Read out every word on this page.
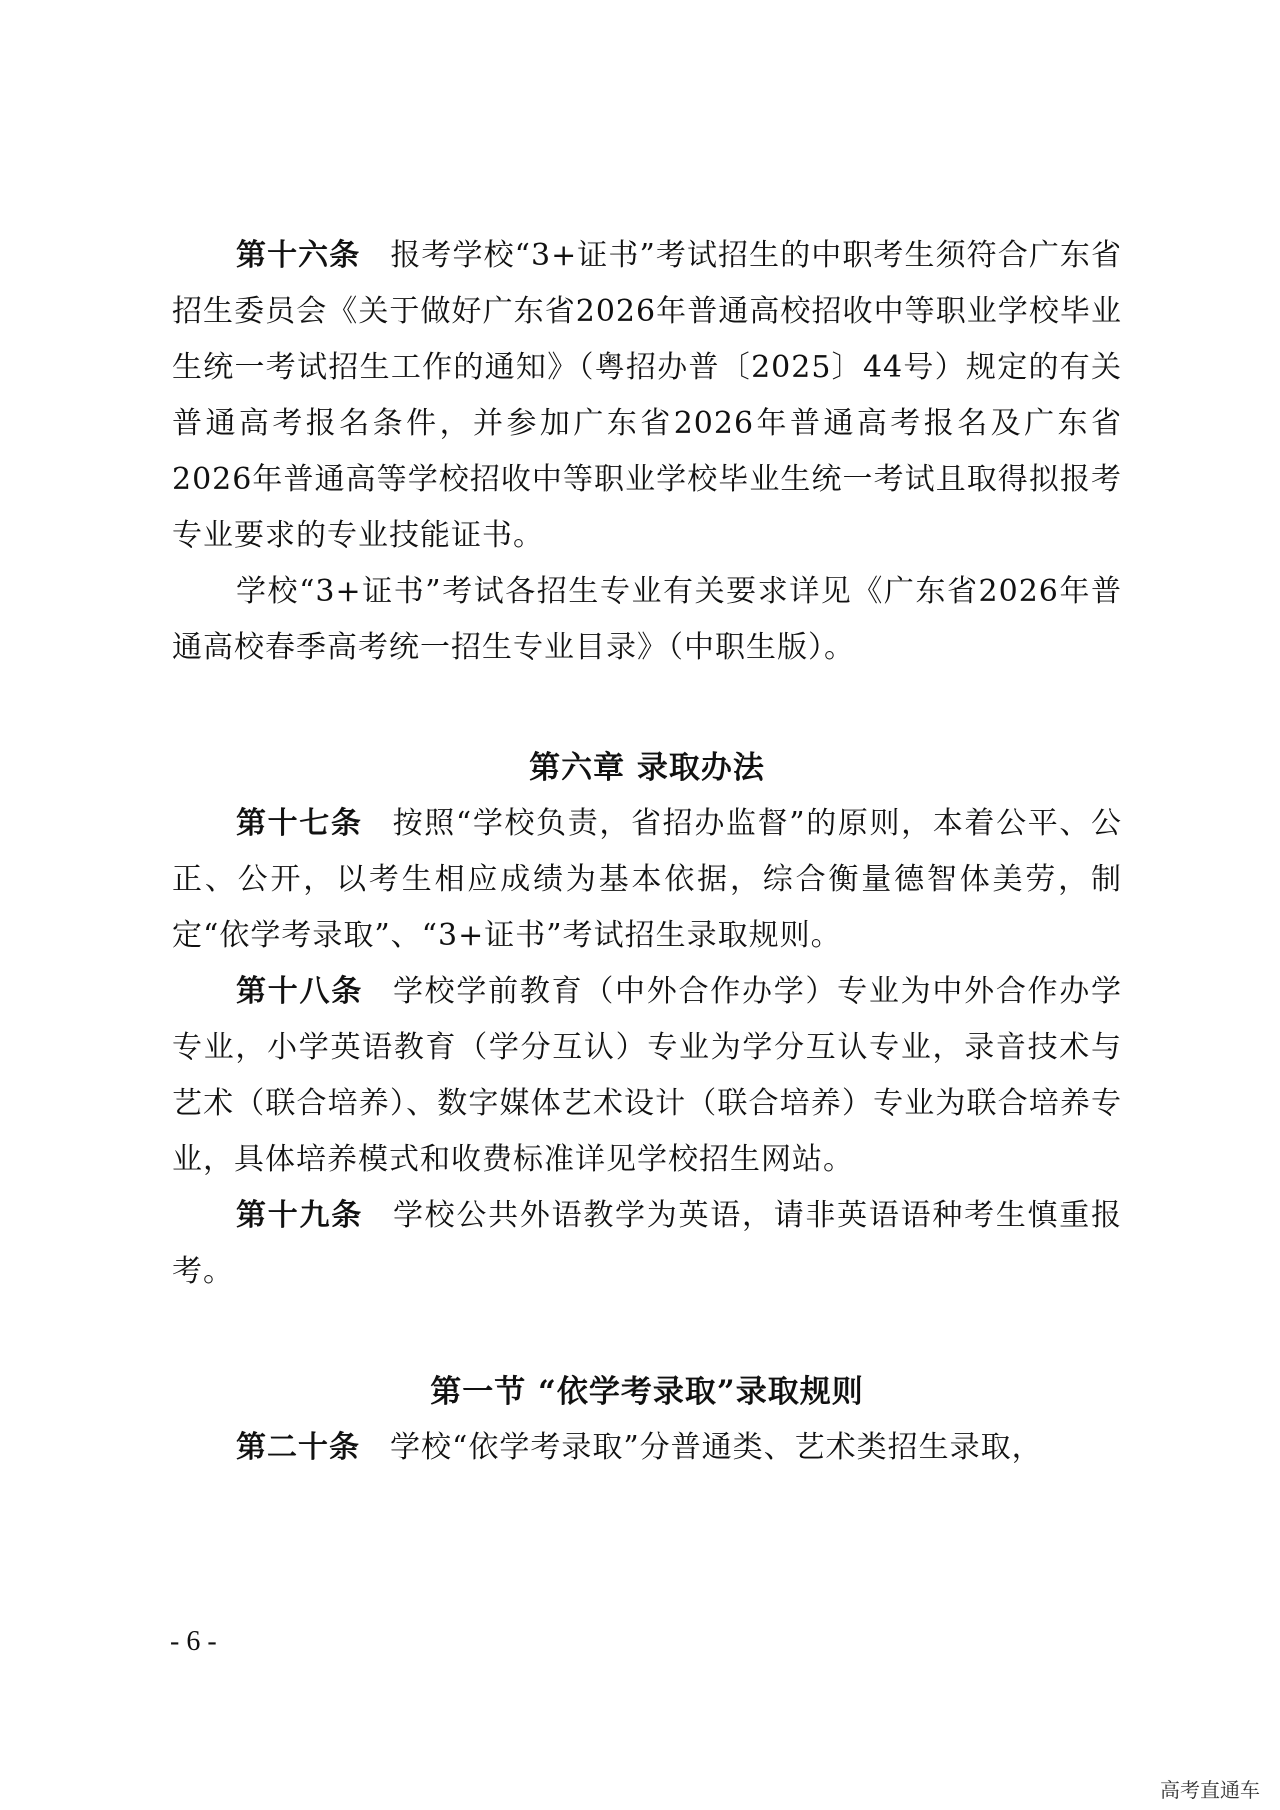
第十六条 报考学校“3+证书”考试招生的中职考生须符合广东省招生委员会《关于做好广东省2026年普通高校招收中等职业学校毕业生统一考试招生工作的通知》（粤招办普〔2025〕44号）规定的有关普通高考报名条件，并参加广东省2026年普通高考报名及广东省2026年普通高等学校招收中等职业学校毕业生统一考试且取得拟报考专业要求的专业技能证书。

学校“3+证书”考试各招生专业有关要求详见《广东省2026年普通高校春季高考统一招生专业目录》（中职生版）。

第六章 录取办法

第十七条 按照“学校负责，省招办监督”的原则，本着公平、公正、公开，以考生相应成绩为基本依据，综合衡量德智体美劳，制定“依学考录取”、“3+证书”考试招生录取规则。

第十八条 学校学前教育（中外合作办学）专业为中外合作办学专业，小学英语教育（学分互认）专业为学分互认专业，录音技术与艺术（联合培养）、数字媒体艺术设计（联合培养）专业为联合培养专业，具体培养模式和收费标准详见学校招生网站。

第十九条 学校公共外语教学为英语，请非英语语种考生慎重报考。

第一节 “依学考录取”录取规则

第二十条 学校“依学考录取”分普通类、艺术类招生录取，

- 6 -
高考直通车
